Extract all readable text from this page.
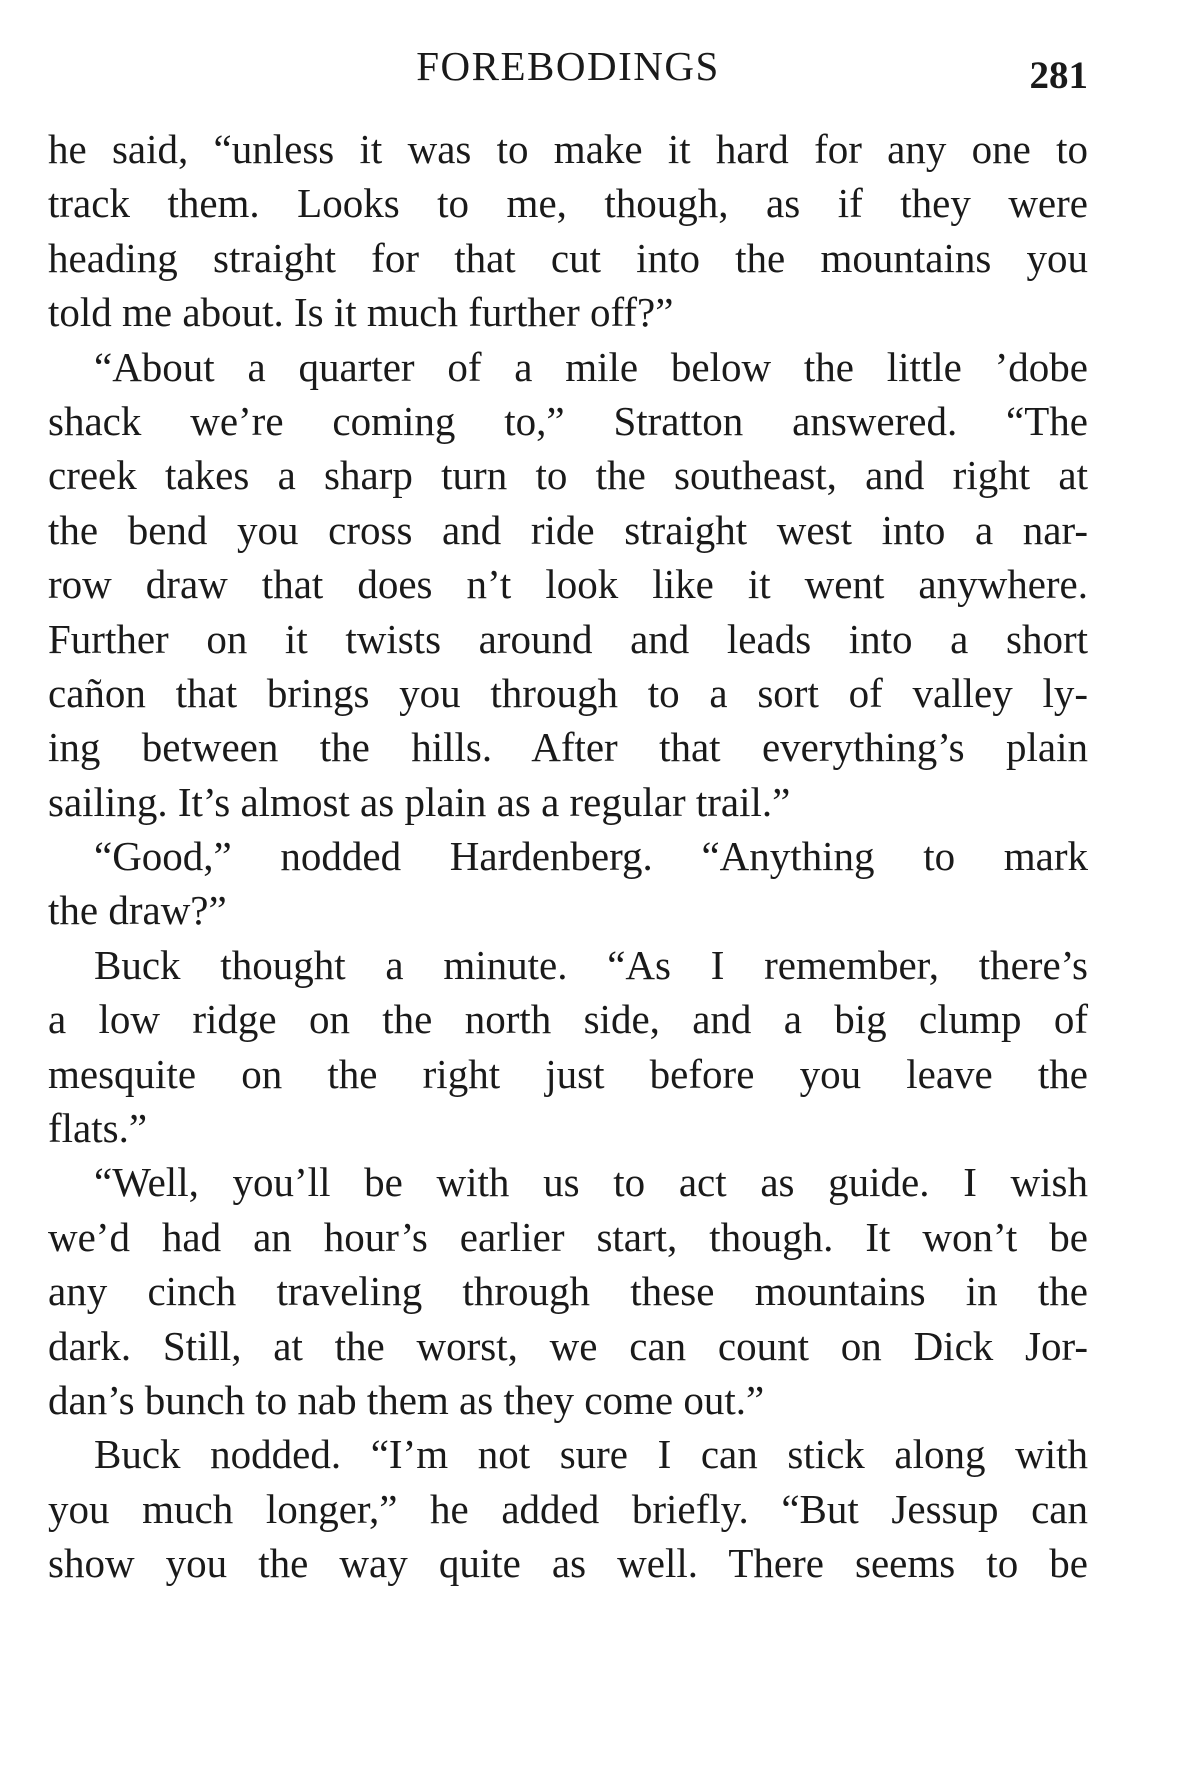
FOREBODINGS	281
he said, “unless it was to make it hard for any one to
track them. Looks to me, though, as if they were
heading straight for that cut into the mountains you
told me about. Is it much further off?”
“About a quarter of a mile below the little ’dobe
shack we’re coming to,” Stratton answered. “The
creek takes a sharp turn to the southeast, and right at
the bend you cross and ride straight west into a nar-
row draw that does n’t look like it went anywhere.
Further on it twists around and leads into a short
cañon that brings you through to a sort of valley ly-
ing between the hills. After that everything’s plain
sailing. It’s almost as plain as a regular trail.”
“Good,” nodded Hardenberg. “Anything to mark
the draw?”
Buck thought a minute. “As I remember, there’s
a low ridge on the north side, and a big clump of
mesquite on the right just before you leave the
flats.”
“Well, you’ll be with us to act as guide. I wish
we’d had an hour’s earlier start, though. It won’t be
any cinch traveling through these mountains in the
dark. Still, at the worst, we can count on Dick Jor-
dan’s bunch to nab them as they come out.”
Buck nodded. “I’m not sure I can stick along with
you much longer,” he added briefly. “But Jessup can
show you the way quite as well. There seems to be
